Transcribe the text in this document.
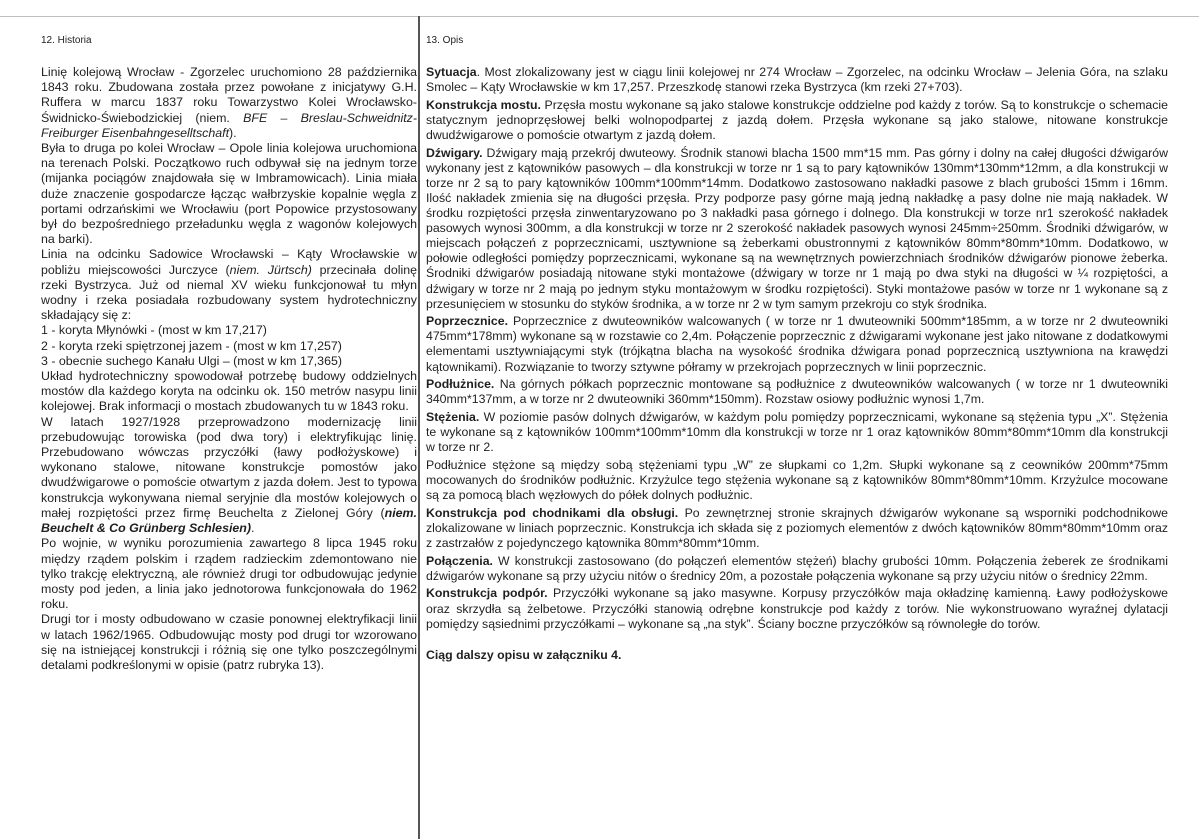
12. Historia	13. Opis

Linię kolejową Wrocław - Zgorzelec uruchomiono 28 października 1843 roku. Zbudowana została przez powołane z inicjatywy G.H. Ruffera w marcu 1837 roku Towarzystwo Kolei Wrocławsko-Świdnicko-Świebodzickiej (niem. BFE – Breslau-Schweidnitz-Freiburger Eisenbahngeselltschaft).

Była to druga po kolei Wrocław – Opole linia kolejowa uruchomiona na terenach Polski. Początkowo ruch odbywał się na jednym torze (mijanka pociągów znajdowała się w Imbramowicach). Linia miała duże znaczenie gospodarcze łącząc wałbrzyskie kopalnie węgla z portami odrzańskimi we Wrocławiu (port Popowice przystosowany był do bezpośredniego przeładunku węgla z wagonów kolejowych na barki).

Linia na odcinku Sadowice Wrocławski – Kąty Wrocławskie w pobliżu miejscowości Jurczyce (niem. Jürtsch) przecinała dolinę rzeki Bystrzyca. Już od niemal XV wieku funkcjonował tu młyn wodny i rzeka posiadała rozbudowany system hydrotechniczny składający się z:

1 - koryta Młynówki - (most w km 17,217)

2 - koryta rzeki spiętrzonej jazem - (most w km 17,257)

3 - obecnie suchego Kanału Ulgi – (most w km 17,365)

Układ hydrotechniczny spowodował potrzebę budowy oddzielnych mostów dla każdego koryta na odcinku ok. 150 metrów nasypu linii kolejowej. Brak informacji o mostach zbudowanych tu w 1843 roku.

W latach 1927/1928 przeprowadzono modernizację linii przebudowując torowiska (pod dwa tory) i elektryfikując linię. Przebudowano wówczas przyczółki (ławy podłożyskowe) i wykonano stalowe, nitowane konstrukcje pomostów jako dwudźwigarowe o pomoście otwartym z jazda dołem. Jest to typowa konstrukcja wykonywana niemal seryjnie dla mostów kolejowych o małej rozpiętości przez firmę Beuchelta z Zielonej Góry (niem. Beuchelt & Co Grünberg Schlesien).

Po wojnie, w wyniku porozumienia zawartego 8 lipca 1945 roku między rządem polskim i rządem radzieckim zdemontowano nie tylko trakcję elektryczną, ale również drugi tor odbudowując jedynie mosty pod jeden, a linia jako jednotorowa funkcjonowała do 1962 roku.

Drugi tor i mosty odbudowano w czasie ponownej elektryfikacji linii w latach 1962/1965. Odbudowując mosty pod drugi tor wzorowano się na istniejącej konstrukcji i różnią się one tylko poszczególnymi detalami podkreślonymi w opisie (patrz rubryka 13).

Sytuacja. Most zlokalizowany jest w ciągu linii kolejowej nr 274 Wrocław – Zgorzelec, na odcinku Wrocław – Jelenia Góra, na szlaku Smolec – Kąty Wrocławskie w km 17,257. Przeszkodę stanowi rzeka Bystrzyca (km rzeki 27+703).

Konstrukcja mostu. Przęsła mostu wykonane są jako stalowe konstrukcje oddzielne pod każdy z torów. Są to konstrukcje o schemacie statycznym jednoprzęsłowej belki wolnopodpartej z jazdą dołem. Przęsła wykonane są jako stalowe, nitowane konstrukcje dwudźwigarowe o pomoście otwartym z jazdą dołem.

Dźwigary. Dźwigary mają przekrój dwuteowy. Środnik stanowi blacha 1500 mm*15 mm. Pas górny i dolny na całej długości dźwigarów wykonany jest z kątowników pasowych – dla konstrukcji w torze nr 1 są to pary kątowników 130mm*130mm*12mm, a dla konstrukcji w torze nr 2 są to pary kątowników 100mm*100mm*14mm. Dodatkowo zastosowano nakładki pasowe z blach grubości 15mm i 16mm. Ilość nakładek zmienia się na długości przęsła. Przy podporze pasy górne mają jedną nakładkę a pasy dolne nie mają nakładek. W środku rozpiętości przęsła zinwentaryzowano po 3 nakładki pasa górnego i dolnego. Dla konstrukcji w torze nr1 szerokość nakładek pasowych wynosi 300mm, a dla konstrukcji w torze nr 2 szerokość nakładek pasowych wynosi 245mm÷250mm. Środniki dźwigarów, w miejscach połączeń z poprzecznicami, usztywnione są żeberkami obustronnymi z kątowników 80mm*80mm*10mm. Dodatkowo, w połowie odległości pomiędzy poprzecznicami, wykonane są na wewnętrznych powierzchniach środników dźwigarów pionowe żeberka. Środniki dźwigarów posiadają nitowane styki montażowe (dźwigary w torze nr 1 mają po dwa styki na długości w ¼ rozpiętości, a dźwigary w torze nr 2 mają po jednym styku montażowym w środku rozpiętości). Styki montażowe pasów w torze nr 1 wykonane są z przesunięciem w stosunku do styków środnika, a w torze nr 2 w tym samym przekroju co styk środnika.

Poprzecznice. Poprzecznice z dwuteowników walcowanych ( w torze nr 1 dwuteowniki 500mm*185mm, a w torze nr 2 dwuteowniki 475mm*178mm) wykonane są w rozstawie co 2,4m. Połączenie poprzecznic z dźwigarami wykonane jest jako nitowane z dodatkowymi elementami usztywniającymi styk (trójkątna blacha na wysokość środnika dźwigara ponad poprzecznicą usztywniona na krawędzi kątownikami). Rozwiązanie to tworzy sztywne półramy w przekrojach poprzecznych w linii poprzecznic.

Podłużnice. Na górnych półkach poprzecznic montowane są podłużnice z dwuteowników walcowanych ( w torze nr 1 dwuteowniki 340mm*137mm, a w torze nr 2 dwuteowniki 360mm*150mm). Rozstaw osiowy podłużnic wynosi 1,7m.

Stężenia. W poziomie pasów dolnych dźwigarów, w każdym polu pomiędzy poprzecznicami, wykonane są stężenia typu „X”. Stężenia te wykonane są z kątowników 100mm*100mm*10mm dla konstrukcji w torze nr 1 oraz kątowników 80mm*80mm*10mm dla konstrukcji w torze nr 2.

Podłużnice stężone są między sobą stężeniami typu „W” ze słupkami co 1,2m. Słupki wykonane są z ceowników 200mm*75mm mocowanych do środników podłużnic. Krzyżulce tego stężenia wykonane są z kątowników 80mm*80mm*10mm. Krzyżulce mocowane są za pomocą blach węzłowych do półek dolnych podłużnic.

Konstrukcja pod chodnikami dla obsługi. Po zewnętrznej stronie skrajnych dźwigarów wykonane są wsporniki podchodnikowe zlokalizowane w liniach poprzecznic. Konstrukcja ich składa się z poziomych elementów z dwóch kątowników 80mm*80mm*10mm oraz z zastrzałów z pojedynczego kątownika 80mm*80mm*10mm.

Połączenia. W konstrukcji zastosowano (do połączeń elementów stężeń) blachy grubości 10mm. Połączenia żeberek ze środnikami dźwigarów wykonane są przy użyciu nitów o średnicy 20m, a pozostałe połączenia wykonane są przy użyciu nitów o średnicy 22mm.

Konstrukcja podpór. Przyczółki wykonane są jako masywne. Korpusy przyczółków maja okładzinę kamienną. Ławy podłożyskowe oraz skrzydła są żelbetowe. Przyczółki stanowią odrębne konstrukcje pod każdy z torów. Nie wykonstruowano wyraźnej dylatacji pomiędzy sąsiednimi przyczółkami – wykonane są „na styk”. Ściany boczne przyczółków są równoległe do torów.

Ciąg dalszy opisu w załączniku 4.
